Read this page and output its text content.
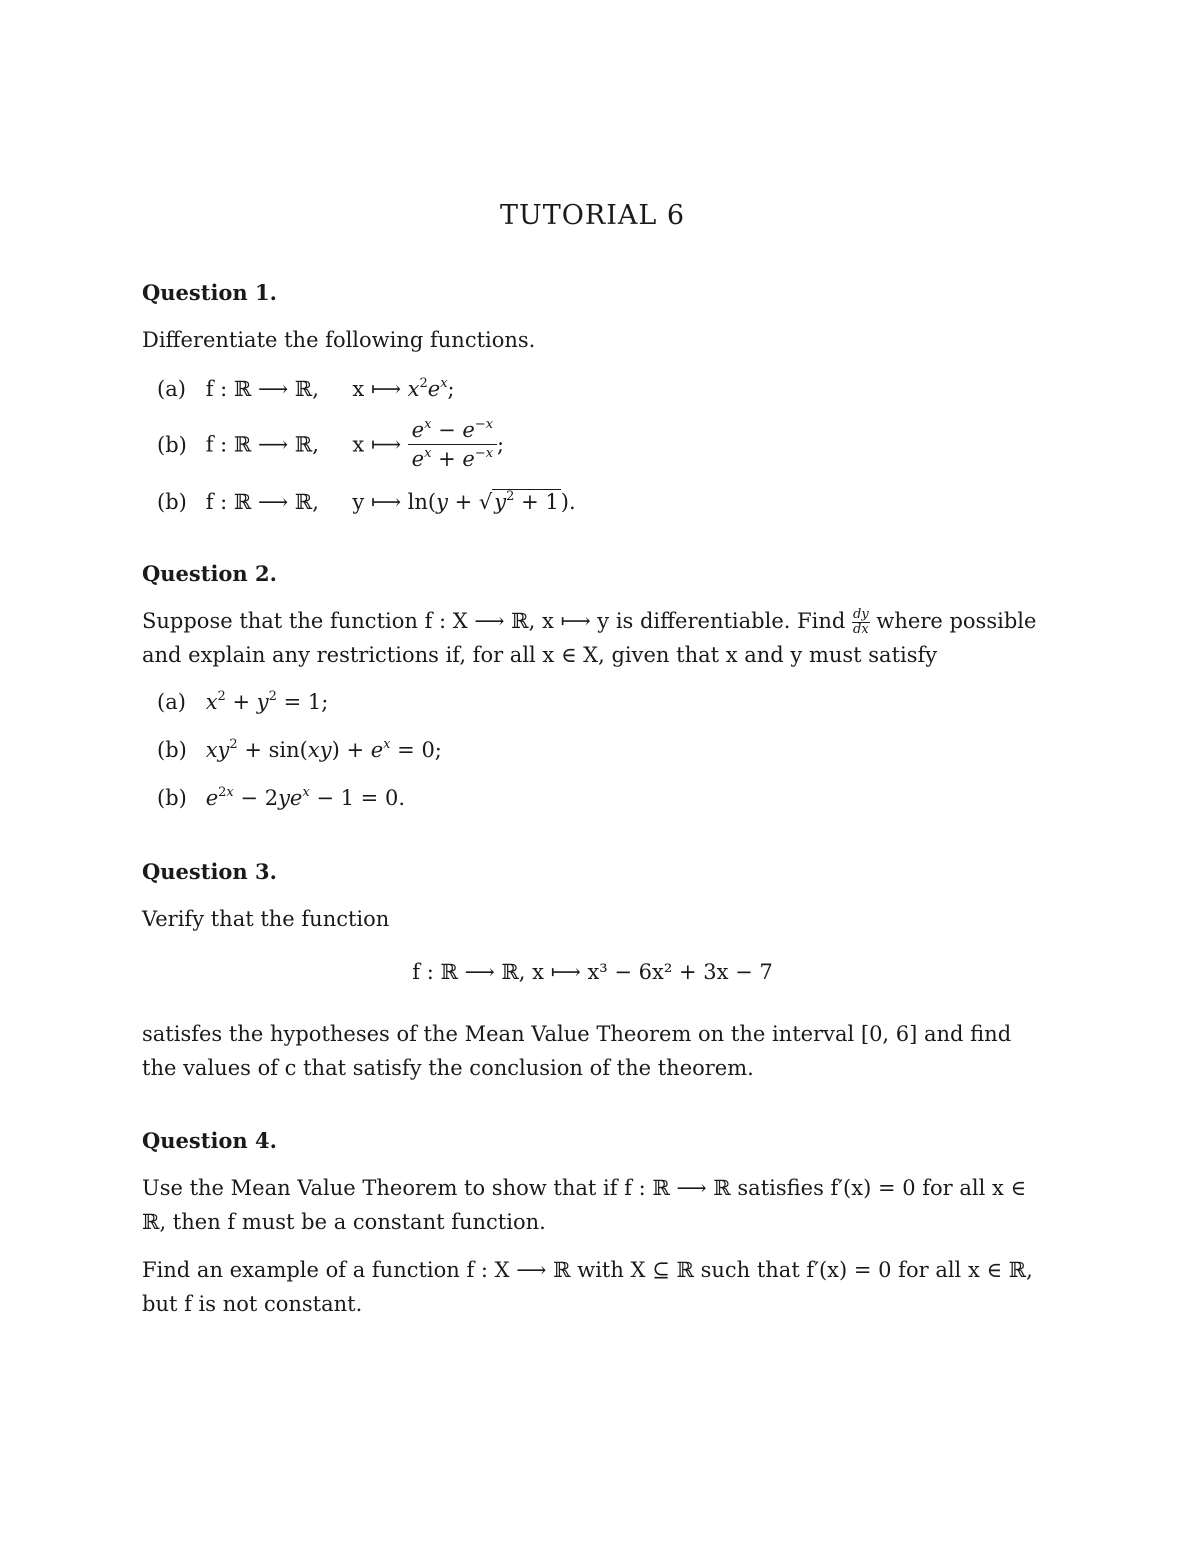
TUTORIAL 6
Question 1.
Differentiate the following functions.
(a) f : ℝ ⟶ ℝ, x ⟼ $x^2e^x$;
(b) f : ℝ ⟶ ℝ, x ⟼ $\frac{e^x - e^{-x}}{e^x + e^{-x}}$ ;
(b) f : ℝ ⟶ ℝ, y ⟼ $\ln(y + √y^2 + 1)$.
Question 2.
Suppose that the function f : X ⟶ ℝ, x ⟼ y is differentiable. Find $\frac{dy}{dx}$ where possible and explain any restrictions if, for all x ∈ X, given that x and y must satisfy
(a) $x^2 + y^2 = 1$;
(b) $xy^2 + \sin(xy) + e^x = 0$;
(b) $e^{2x} - 2ye^x - 1 = 0$.
Question 3.
Verify that the function
f : ℝ ⟶ ℝ, x ⟼ x³ − 6x² + 3x − 7
satisfes the hypotheses of the Mean Value Theorem on the interval [0, 6] and find the values of c that satisfy the conclusion of the theorem.
Question 4.
Use the Mean Value Theorem to show that if f : ℝ ⟶ ℝ satisfies f′(x) = 0 for all x ∈ ℝ, then f must be a constant function.
Find an example of a function f : X ⟶ ℝ with X ⊆ ℝ such that f′(x) = 0 for all x ∈ ℝ, but f is not constant.
